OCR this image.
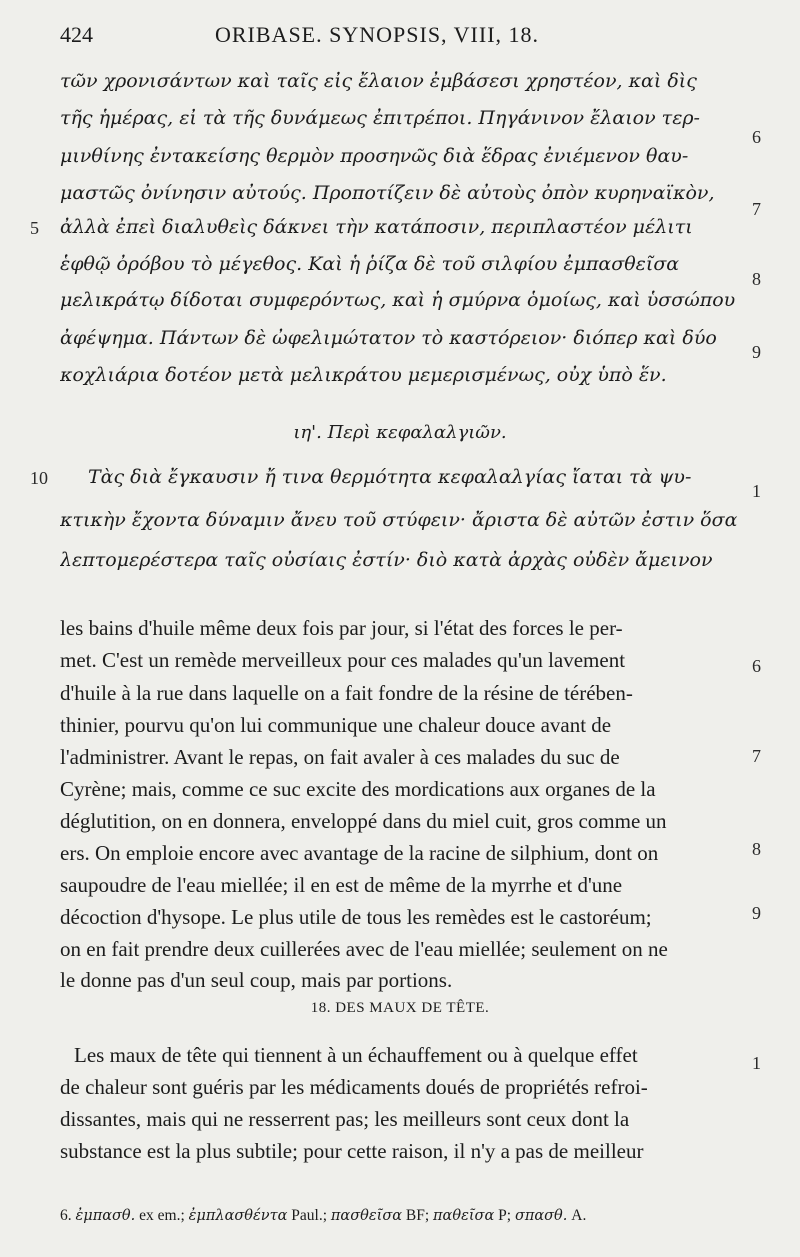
424	ORIBASE. SYNOPSIS, VIII, 18.
τῶν χρονισάντων καὶ ταῖς εἰς ἔλαιον ἐμβάσεσι χρηστέον, καὶ δὶς
τῆς ἡμέρας, εἰ τὰ τῆς δυνάμεως ἐπιτρέποι. Πηγάνινον ἔλαιον τερ-
μινθίνης ἐντακείσης θερμὸν προσηνῶς διὰ ἕδρας ἐνιέμενον θαυ-
μαστῶς ὀνίνησιν αὐτούς. Προποτίζειν δὲ αὐτοὺς ὀπὸν κυρηναϊκὸν,
ἀλλὰ ἐπεὶ διαλυθεὶς δάκνει τὴν κατάποσιν, περιπλαστέον μέλιτι
ἑφθῷ ὀρόβου τὸ μέγεθος. Καὶ ἡ ῥίζα δὲ τοῦ σιλφίου ἐμπασθεῖσα
μελικράτῳ δίδοται συμφερόντως, καὶ ἡ σμύρνα ὁμοίως, καὶ ὑσσώπου
ἀφέψημα. Πάντων δὲ ὠφελιμώτατον τὸ καστόρειον· διόπερ καὶ δύο
κοχλιάρια δοτέον μετὰ μελικράτου μεμερισμένως, οὐχ ὑπὸ ἕν.
ιη'. Περὶ κεφαλαλγιῶν.
Τὰς διὰ ἔγκαυσιν ἤ τινα θερμότητα κεφαλαλγίας ἴαται τὰ ψυ-
κτικὴν ἔχοντα δύναμιν ἄνευ τοῦ στύφειν· ἄριστα δὲ αὐτῶν ἐστιν ὅσα
λεπτομερέστερα ταῖς οὐσίαις ἐστίν· διὸ κατὰ ἀρχὰς οὐδὲν ἄμεινον
5
10
6
7
8
9
1
les bains d'huile même deux fois par jour, si l'état des forces le per-
met. C'est un remède merveilleux pour ces malades qu'un lavement
d'huile à la rue dans laquelle on a fait fondre de la résine de térében-
thinier, pourvu qu'on lui communique une chaleur douce avant de
l'administrer. Avant le repas, on fait avaler à ces malades du suc de
Cyrène; mais, comme ce suc excite des mordications aux organes de la
déglutition, on en donnera, enveloppé dans du miel cuit, gros comme un
ers. On emploie encore avec avantage de la racine de silphium, dont on
saupoudre de l'eau miellée; il en est de même de la myrrhe et d'une
décoction d'hysope. Le plus utile de tous les remèdes est le castoréum;
on en fait prendre deux cuillerées avec de l'eau miellée; seulement on ne
le donne pas d'un seul coup, mais par portions.
18. DES MAUX DE TÊTE.
Les maux de tête qui tiennent à un échauffement ou à quelque effet
de chaleur sont guéris par les médicaments doués de propriétés refroi-
dissantes, mais qui ne resserrent pas; les meilleurs sont ceux dont la
substance est la plus subtile; pour cette raison, il n'y a pas de meilleur
6
7
8
9
1
6. ἐμπασθ. ex em.; ἐμπλασθέντα Paul.; πασθεῖσα BF; παθεῖσα P; σπασθ. A.
